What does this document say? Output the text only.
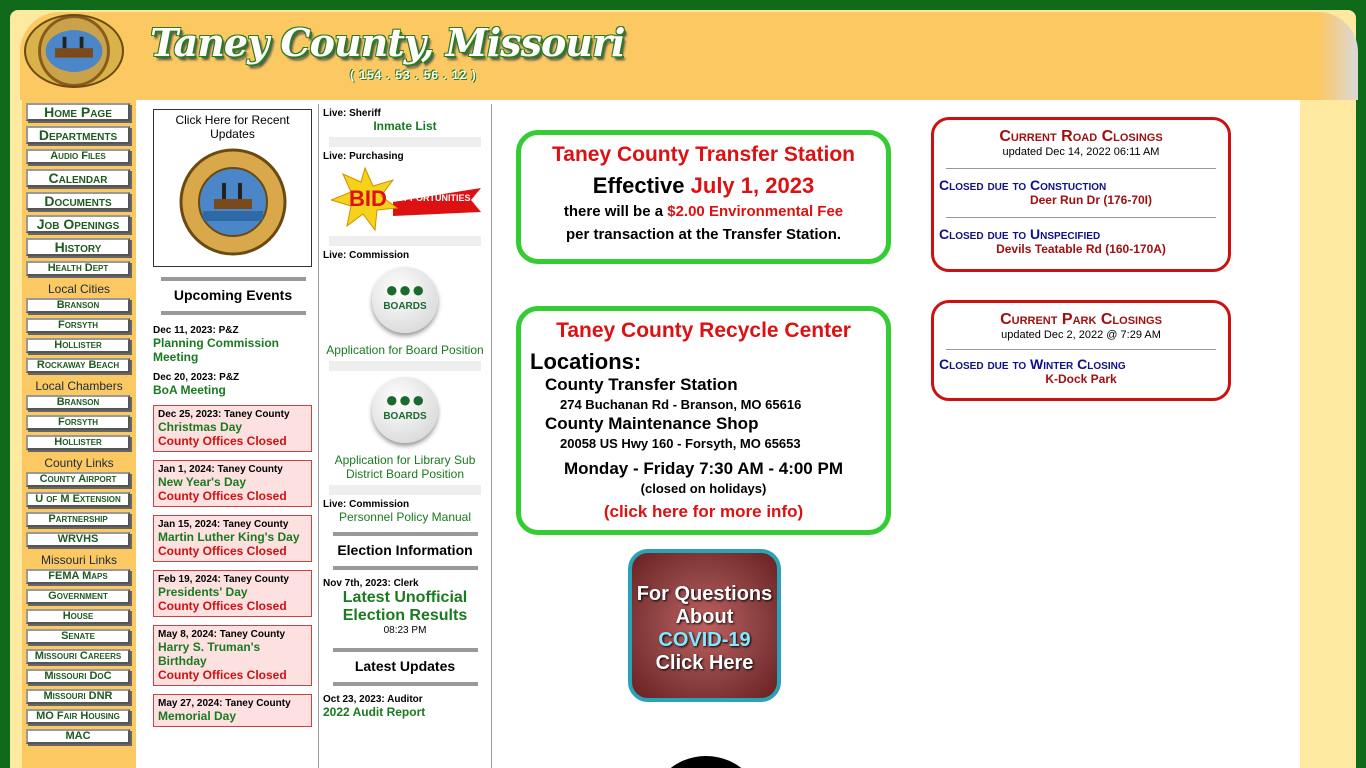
Taney County, Missouri
( 154 . 53 . 56 . 12 )
Home Page
Departments
Audio Files
Calendar
Documents
Job Openings
History
Health Dept
Local Cities
Branson
Forsyth
Hollister
Rockaway Beach
Local Chambers
Branson
Forsyth
Hollister
County Links
County Airport
U of M Extension
Partnership
WRVHS
Missouri Links
FEMA Maps
Government
House
Senate
Missouri Careers
Missouri DoC
Missouri DNR
MO Fair Housing
MAC
Click Here for Recent Updates
Upcoming Events
Dec 11, 2023: P&Z
Planning Commission Meeting
Dec 20, 2023: P&Z
BoA Meeting
Dec 25, 2023: Taney County
Christmas Day
County Offices Closed
Jan 1, 2024: Taney County
New Year's Day
County Offices Closed
Jan 15, 2024: Taney County
Martin Luther King's Day
County Offices Closed
Feb 19, 2024: Taney County
Presidents' Day
County Offices Closed
May 8, 2024: Taney County
Harry S. Truman's Birthday
County Offices Closed
May 27, 2024: Taney County
Memorial Day
Live: Sheriff
Inmate List
Live: Purchasing
BID OPPORTUNITIES
Live: Commission
●●●
BOARDS
Application for Board Position
●●●
BOARDS
Application for Library Sub District Board Position
Live: Commission
Personnel Policy Manual
Election Information
Nov 7th, 2023: Clerk
Latest Unofficial Election Results
08:23 PM
Latest Updates
Oct 23, 2023: Auditor
2022 Audit Report
Taney County Transfer Station
Effective July 1, 2023
there will be a $2.00 Environmental Fee
per transaction at the Transfer Station.
Taney County Recycle Center
Locations:
County Transfer Station
274 Buchanan Rd - Branson, MO 65616
County Maintenance Shop
20058 US Hwy 160 - Forsyth, MO 65653
Monday - Friday 7:30 AM - 4:00 PM
(closed on holidays)
(click here for more info)
For Questions
About
COVID-19
Click Here
Current Road Closings
updated Dec 14, 2022 06:11 AM
Closed due to Constuction
Deer Run Dr (176-70I)
Closed due to Unspecified
Devils Teatable Rd (160-170A)
Current Park Closings
updated Dec 2, 2022 @ 7:29 AM
Closed due to Winter Closing
K-Dock Park
